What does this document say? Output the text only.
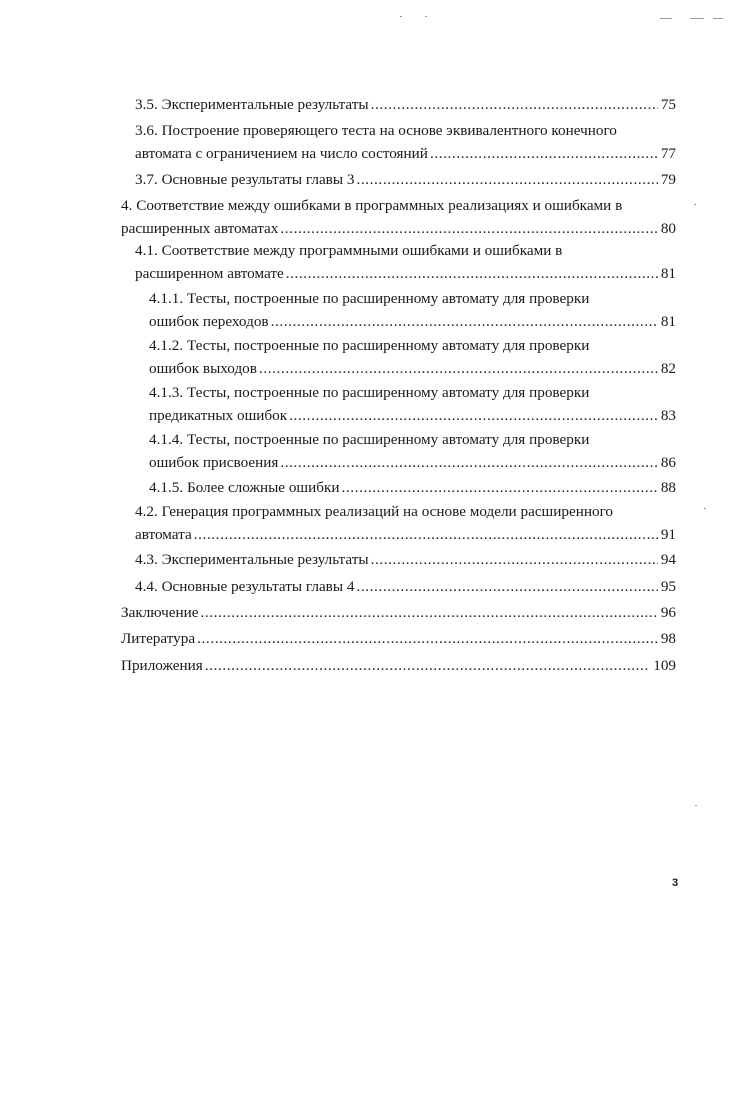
3.5. Экспериментальные результаты .....	75
3.6. Построение проверяющего теста на основе эквивалентного конечного
автомата с ограничением на число состояний .....	77
3.7. Основные результаты главы 3 .....	79
4. Соответствие между ошибками в программных реализациях и ошибками в
расширенных автоматах .....	80
4.1. Соответствие между программными ошибками и ошибками в
расширенном автомате .....	81
4.1.1. Тесты, построенные по расширенному автомату для проверки
ошибок переходов .....	81
4.1.2. Тесты, построенные по расширенному автомату для проверки
ошибок выходов .....	82
4.1.3. Тесты, построенные по расширенному автомату для проверки
предикатных ошибок .....	83
4.1.4. Тесты, построенные по расширенному автомату для проверки
ошибок присвоения .....	86
4.1.5. Более сложные ошибки .....	88
4.2. Генерация программных реализаций на основе модели расширенного
автомата .....	91
4.3. Экспериментальные результаты .....	94
4.4. Основные результаты главы 4 .....	95
Заключение .....	96
Литература .....	98
Приложения .....	109
3
